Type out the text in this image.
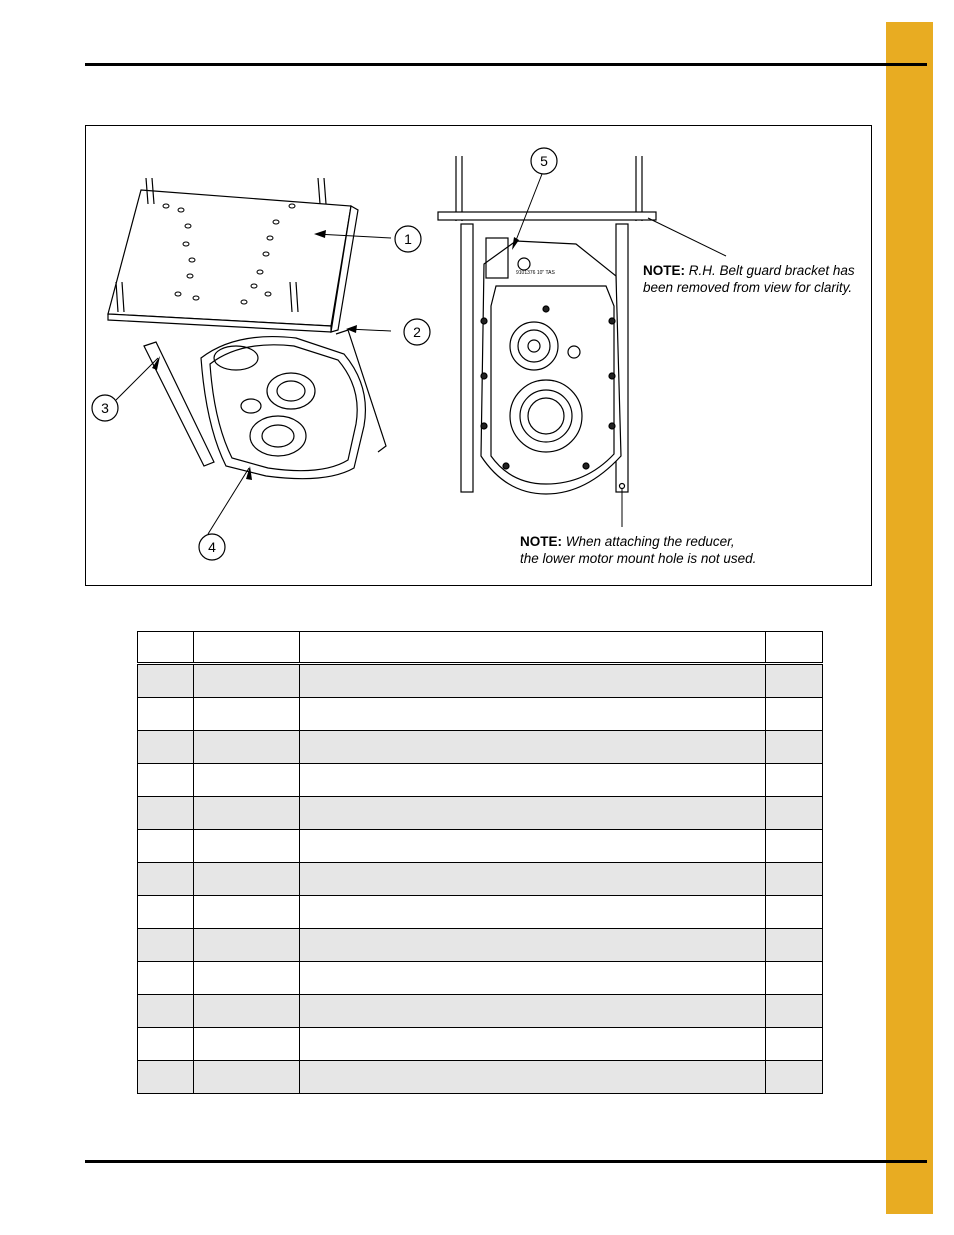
1
2
3
4
5
9101376 10" TAS	NOTE: R.H. Belt guard bracket has been removed from view for clarity.
NOTE: When attaching the reducer,
the lower motor mount hole is not used.
